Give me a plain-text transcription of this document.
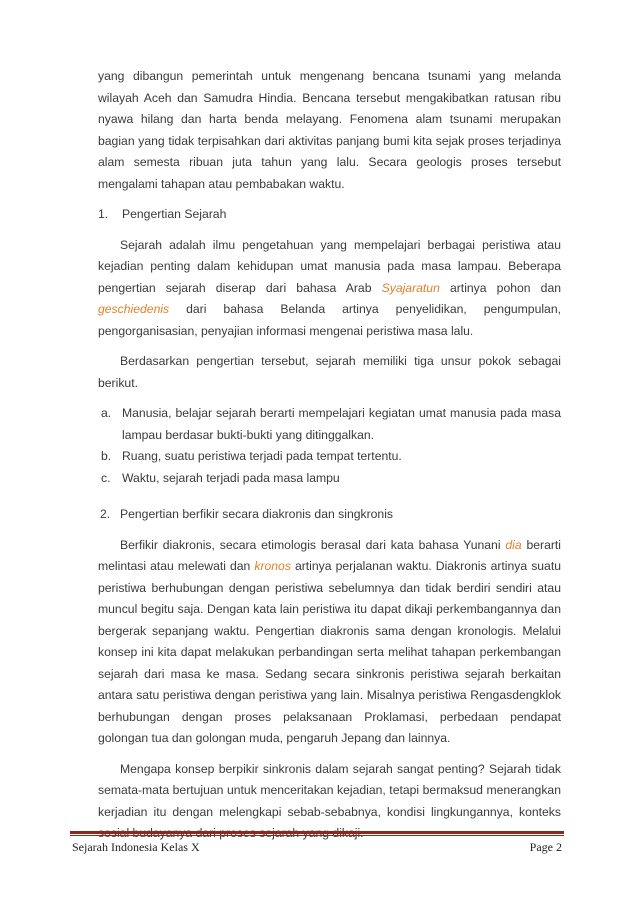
yang dibangun pemerintah untuk mengenang bencana tsunami yang melanda wilayah Aceh dan Samudra Hindia. Bencana tersebut mengakibatkan ratusan ribu nyawa hilang dan harta benda melayang. Fenomena alam tsunami merupakan bagian yang tidak terpisahkan dari aktivitas panjang bumi kita sejak proses terjadinya alam semesta ribuan juta tahun yang lalu. Secara geologis proses tersebut mengalami tahapan atau pembabakan waktu.

1.	Pengertian Sejarah

Sejarah adalah ilmu pengetahuan yang mempelajari berbagai peristiwa atau kejadian penting dalam kehidupan umat manusia pada masa lampau. Beberapa pengertian sejarah diserap dari bahasa Arab Syajaratun artinya pohon dan geschiedenis dari bahasa Belanda artinya penyelidikan, pengumpulan, pengorganisasian, penyajian informasi mengenai peristiwa masa lalu.

Berdasarkan pengertian tersebut, sejarah memiliki tiga unsur pokok sebagai berikut.

a. Manusia, belajar sejarah berarti mempelajari kegiatan umat manusia pada masa lampau berdasar bukti-bukti yang ditinggalkan.
b. Ruang, suatu peristiwa terjadi pada tempat tertentu.
c. Waktu, sejarah terjadi pada masa lampu
2. Pengertian berfikir secara diakronis dan singkronis

Berfikir diakronis, secara etimologis berasal dari kata bahasa Yunani dia berarti melintasi atau melewati dan kronos artinya perjalanan waktu. Diakronis artinya suatu peristiwa berhubungan dengan peristiwa sebelumnya dan tidak berdiri sendiri atau muncul begitu saja. Dengan kata lain peristiwa itu dapat dikaji perkembangannya dan bergerak sepanjang waktu. Pengertian diakronis sama dengan kronologis. Melalui konsep ini kita dapat melakukan perbandingan serta melihat tahapan perkembangan sejarah dari masa ke masa. Sedang secara sinkronis peristiwa sejarah berkaitan antara satu peristiwa dengan peristiwa yang lain. Misalnya peristiwa Rengasdengklok berhubungan dengan proses pelaksanaan Proklamasi, perbedaan pendapat golongan tua dan golongan muda, pengaruh Jepang dan lainnya.

Mengapa konsep berpikir sinkronis dalam sejarah sangat penting? Sejarah tidak semata-mata bertujuan untuk menceritakan kejadian, tetapi bermaksud menerangkan kerjadian itu dengan melengkapi sebab-sebabnya, kondisi lingkungannya, konteks

Sejarah Indonesia Kelas X	Page 2
